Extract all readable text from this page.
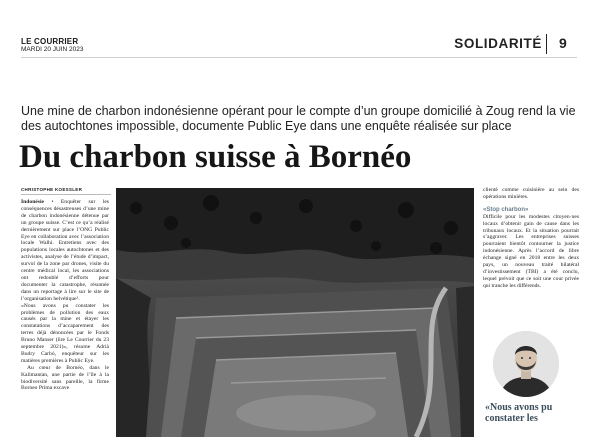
LE COURRIER
MARDI 20 JUIN 2023	SOLIDARITÉ 9
Une mine de charbon indonésienne opérant pour le compte d’un groupe domicilié à Zoug rend la vie des autochtones impossible, documente Public Eye dans une enquête réalisée sur place
Du charbon suisse à Bornéo
CHRISTOPHE KOESSLER

Indonésie • Enquêter sur les conséquences désastreuses d’une mine de charbon indonésienne détenue par un groupe suisse. C’est ce qu’a réalisé dernièrement sur place l’ONG Public Eye en collaboration avec l’association locale Walhi. Entretiens avec des populations locales autochtones et des activistes, analyse de l’étude d’impact, survol de la zone par drones, visite du centre médical local, les associations ont redoublé d’efforts pour documenter la catastrophe, résumée dans un reportage à lire sur le site de l’organisation helvétique¹.

«Nous avons pu constater les problèmes de pollution des eaux causés par la mine et étayer les constatations d’accaparement des terres déjà dénoncées par le Fonds Bruno Manser (lire Le Courrier du 23 septembre 2021)», résume Adrià Budry Carbó, enquêteur sur les matières premières à Public Eye.

Au cœur de Bornéo, dans le Kalimantan, une partie de l’île à la biodiversité sans pareille, la firme Borneo Prima excave

clientè comme cuisinière au sein des opérations minières.

«Stop charbon»

Difficile pour les modestes citoyen·nes locaux d’obtenir gain de cause dans les tribunaux locaux. Et la situation pourrait s’aggraver. Les entreprises suisses pourraient bientôt contourner la justice indonésienne. Après l’accord de libre échange signé en 2018 entre les deux pays, un nouveau traité bilatéral d’investissement (TBI) a été conclu, lequel prévoit que ce soit une cour privée qui tranche les différends.

«Nous avons pu constater les
